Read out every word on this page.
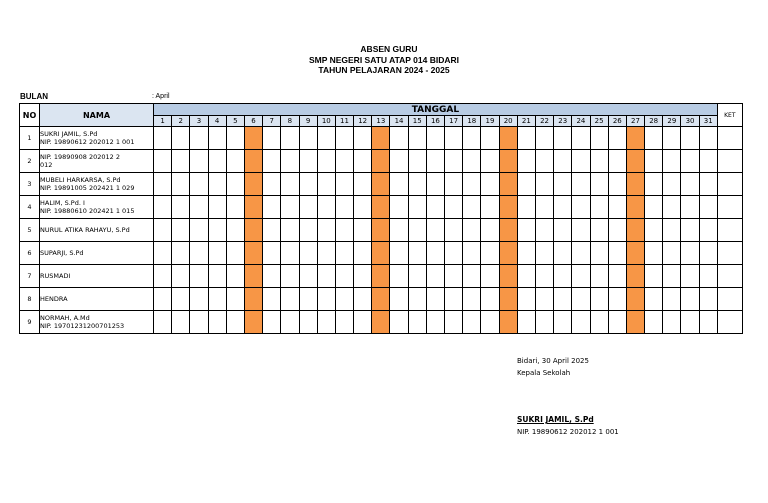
ABSEN GURU
SMP NEGERI SATU ATAP 014 BIDARI
TAHUN PELAJARAN 2024 - 2025
BULAN	: April
NO	NAMA	TANGGAL																															KET
		1	2	3	4	5	6	7	8	9	10	11	12	13	14	15	16	17	18	19	20	21	22	23	24	25	26	27	28	29	30	31	
1	SUKRI JAMIL, S.Pd
NIP. 19890612 202012 1 001																																

2	NIP. 19890908 202012 2
012																																

3	MUBELI HARKARSA, S.Pd
NIP. 19891005 202421 1 029																																

4	HALIM, S.Pd. I
NIP. 19880610 202421 1 015																																

5	NURUL ATIKA RAHAYU, S.Pd																																

6	SUPARJI, S.Pd																																

7	RUSMADI																																

8	HENDRA																																

9	NORMAH, A.Md
NIP. 19701231200701253																																

Bidari, 30 April 2025
Kepala Sekolah
SUKRI JAMIL, S.Pd
NIP. 19890612 202012 1 001
